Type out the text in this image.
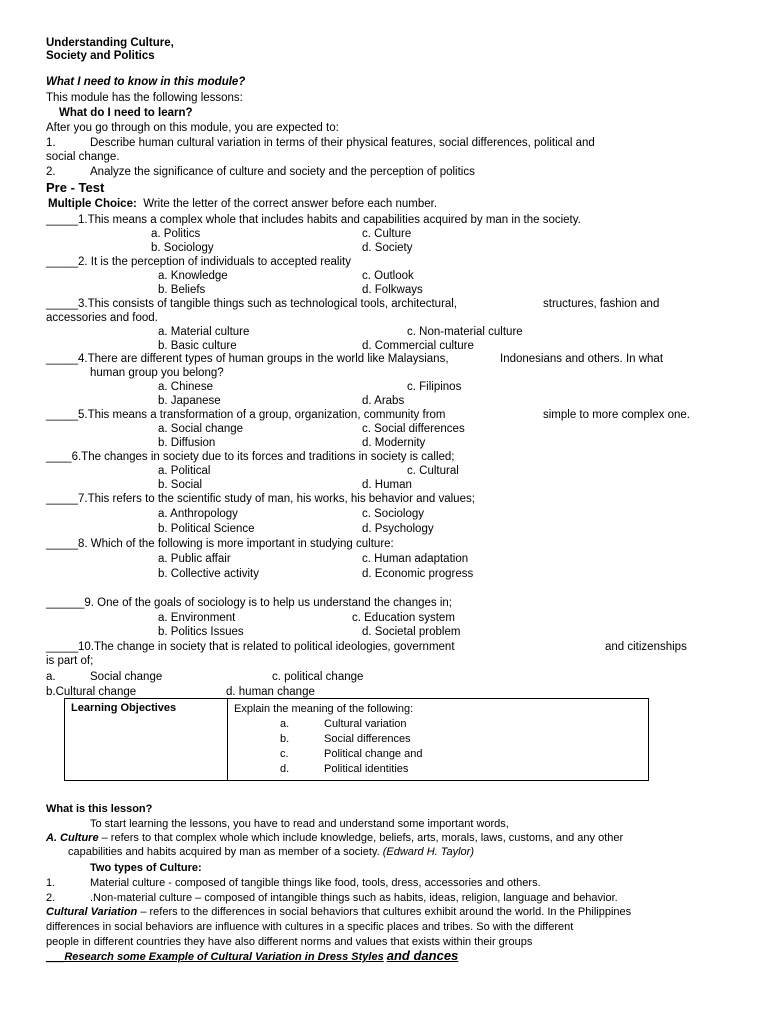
Understanding Culture,
Society and Politics
What I need to know in this module?
This module has the following lessons:
What do I need to learn?
After you go through on this module, you are expected to:
1.	Describe human cultural variation in terms of their physical features, social differences, political and
social change.
2.	Analyze the significance of culture and society and the perception of politics
Pre - Test
Multiple Choice: Write the letter of the correct answer before each number.
_____1.This means a complex whole that includes habits and capabilities acquired by man in the society.
a. Politics	c. Culture
b. Sociology	d. Society
_____2. It is the perception of individuals to accepted reality
a. Knowledge	c. Outlook
b. Beliefs	d. Folkways
_____3.This consists of tangible things such as technological tools, architectural,	structures, fashion and
accessories and food.
a. Material culture	c. Non-material culture
b. Basic culture	d. Commercial culture
_____4.There are different types of human groups in the world like Malaysians,	Indonesians and others. In what
human group you belong?
a. Chinese	c. Filipinos
b. Japanese	d. Arabs
_____5.This means a transformation of a group, organization, community from	simple to more complex one.
a. Social change	c. Social differences
b. Diffusion	d. Modernity
____6.The changes in society due to its forces and traditions in society is called;
a. Political	c. Cultural
b. Social	d. Human
_____7.This refers to the scientific study of man, his works, his behavior and values;
a. Anthropology	c. Sociology
b. Political Science	d. Psychology
_____8. Which of the following is more important in studying culture:
a. Public affair	c. Human adaptation
b. Collective activity	d. Economic progress
______9. One of the goals of sociology is to help us understand the changes in;
a. Environment	c. Education system
b. Politics Issues	d. Societal problem
_____10.The change in society that is related to political ideologies, government	and citizenships
is part of;
a.	Social change	c. political change
b.Cultural change	d. human change
Learning Objectives	Explain the meaning of the following:
a.	Cultural variation
b.	Social differences
c.	Political change and
d.	Political identities
What is this lesson?
To start learning the lessons, you have to read and understand some important words,
A. Culture – refers to that complex whole which include knowledge, beliefs, arts, morals, laws, customs, and any other
capabilities and habits acquired by man as member of a society. (Edward H. Taylor)
Two types of Culture:
1.	Material culture - composed of tangible things like food, tools, dress, accessories and others.
2.	.Non-material culture – composed of intangible things such as habits, ideas, religion, language and behavior.
Cultural Variation – refers to the differences in social behaviors that cultures exhibit around the world. In the Philippines
differences in social behaviors are influence with cultures in a specific places and tribes. So with the different
people in different countries they have also different norms and values that exists within their groups
___Research some Example of Cultural Variation in Dress Styles and dances
